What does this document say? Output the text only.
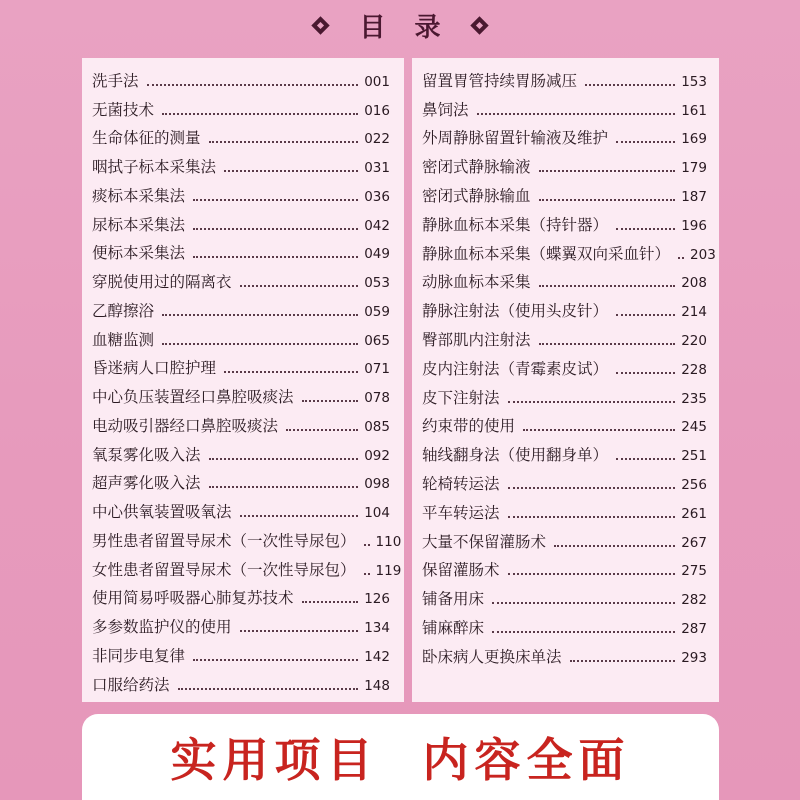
目 录
洗手法	001
无菌技术	016
生命体征的测量	022
咽拭子标本采集法	031
痰标本采集法	036
尿标本采集法	042
便标本采集法	049
穿脱使用过的隔离衣	053
乙醇擦浴	059
血糖监测	065
昏迷病人口腔护理	071
中心负压装置经口鼻腔吸痰法	078
电动吸引器经口鼻腔吸痰法	085
氧泵雾化吸入法	092
超声雾化吸入法	098
中心供氧装置吸氧法	104
男性患者留置导尿术（一次性导尿包） 110
女性患者留置导尿术（一次性导尿包） 119
使用简易呼吸器心肺复苏技术	126
多参数监护仪的使用	134
非同步电复律	142
口服给药法	148
留置胃管持续胃肠减压	153
鼻饲法	161
外周静脉留置针输液及维护	169
密闭式静脉输液	179
密闭式静脉输血	187
静脉血标本采集（持针器）	196
静脉血标本采集（蝶翼双向采血针） 203
动脉血标本采集	208
静脉注射法（使用头皮针）	214
臀部肌内注射法	220
皮内注射法（青霉素皮试）	228
皮下注射法	235
约束带的使用	245
轴线翻身法（使用翻身单）	251
轮椅转运法	256
平车转运法	261
大量不保留灌肠术	267
保留灌肠术	275
铺备用床	282
铺麻醉床	287
卧床病人更换床单法	293
实用项目  内容全面
